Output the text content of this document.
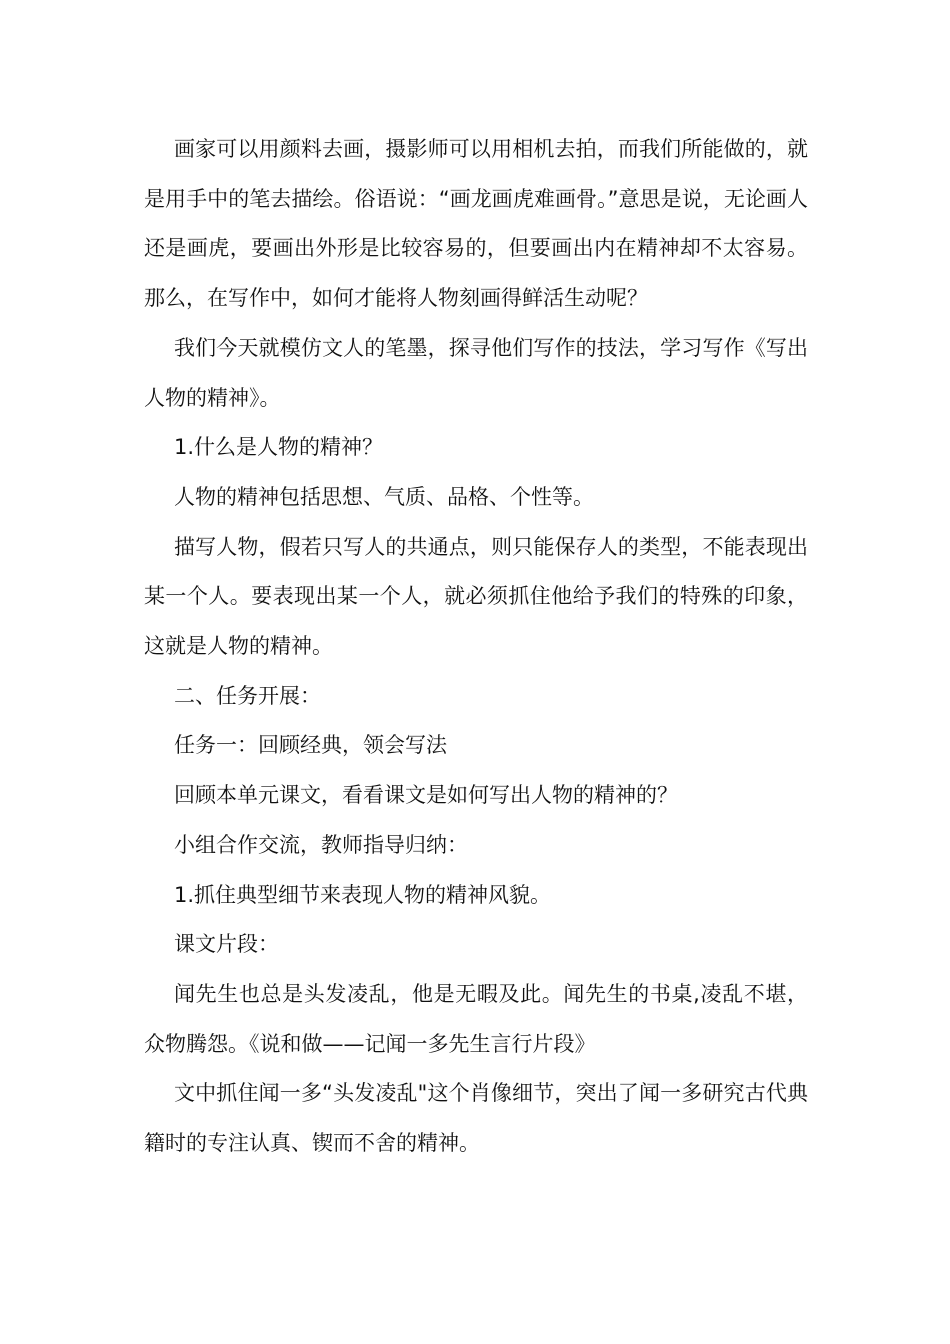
画家可以用颜料去画，摄影师可以用相机去拍，而我们所能做的，就是用手中的笔去描绘。俗语说：“画龙画虎难画骨。”意思是说，无论画人还是画虎，要画出外形是比较容易的，但要画出内在精神却不太容易。那么，在写作中，如何才能将人物刻画得鲜活生动呢？

我们今天就模仿文人的笔墨，探寻他们写作的技法，学习写作《写出人物的精神》。

1.什么是人物的精神？

人物的精神包括思想、气质、品格、个性等。

描写人物，假若只写人的共通点，则只能保存人的类型，不能表现出某一个人。要表现出某一个人，就必须抓住他给予我们的特殊的印象，这就是人物的精神。

二、任务开展：

任务一：回顾经典，领会写法

回顾本单元课文，看看课文是如何写出人物的精神的？

小组合作交流，教师指导归纳：

1.抓住典型细节来表现人物的精神风貌。

课文片段：

闻先生也总是头发凌乱，他是无暇及此。闻先生的书桌,凌乱不堪，众物腾怨。《说和做——记闻一多先生言行片段》

文中抓住闻一多“头发凌乱"这个肖像细节，突出了闻一多研究古代典籍时的专注认真、锲而不舍的精神。
